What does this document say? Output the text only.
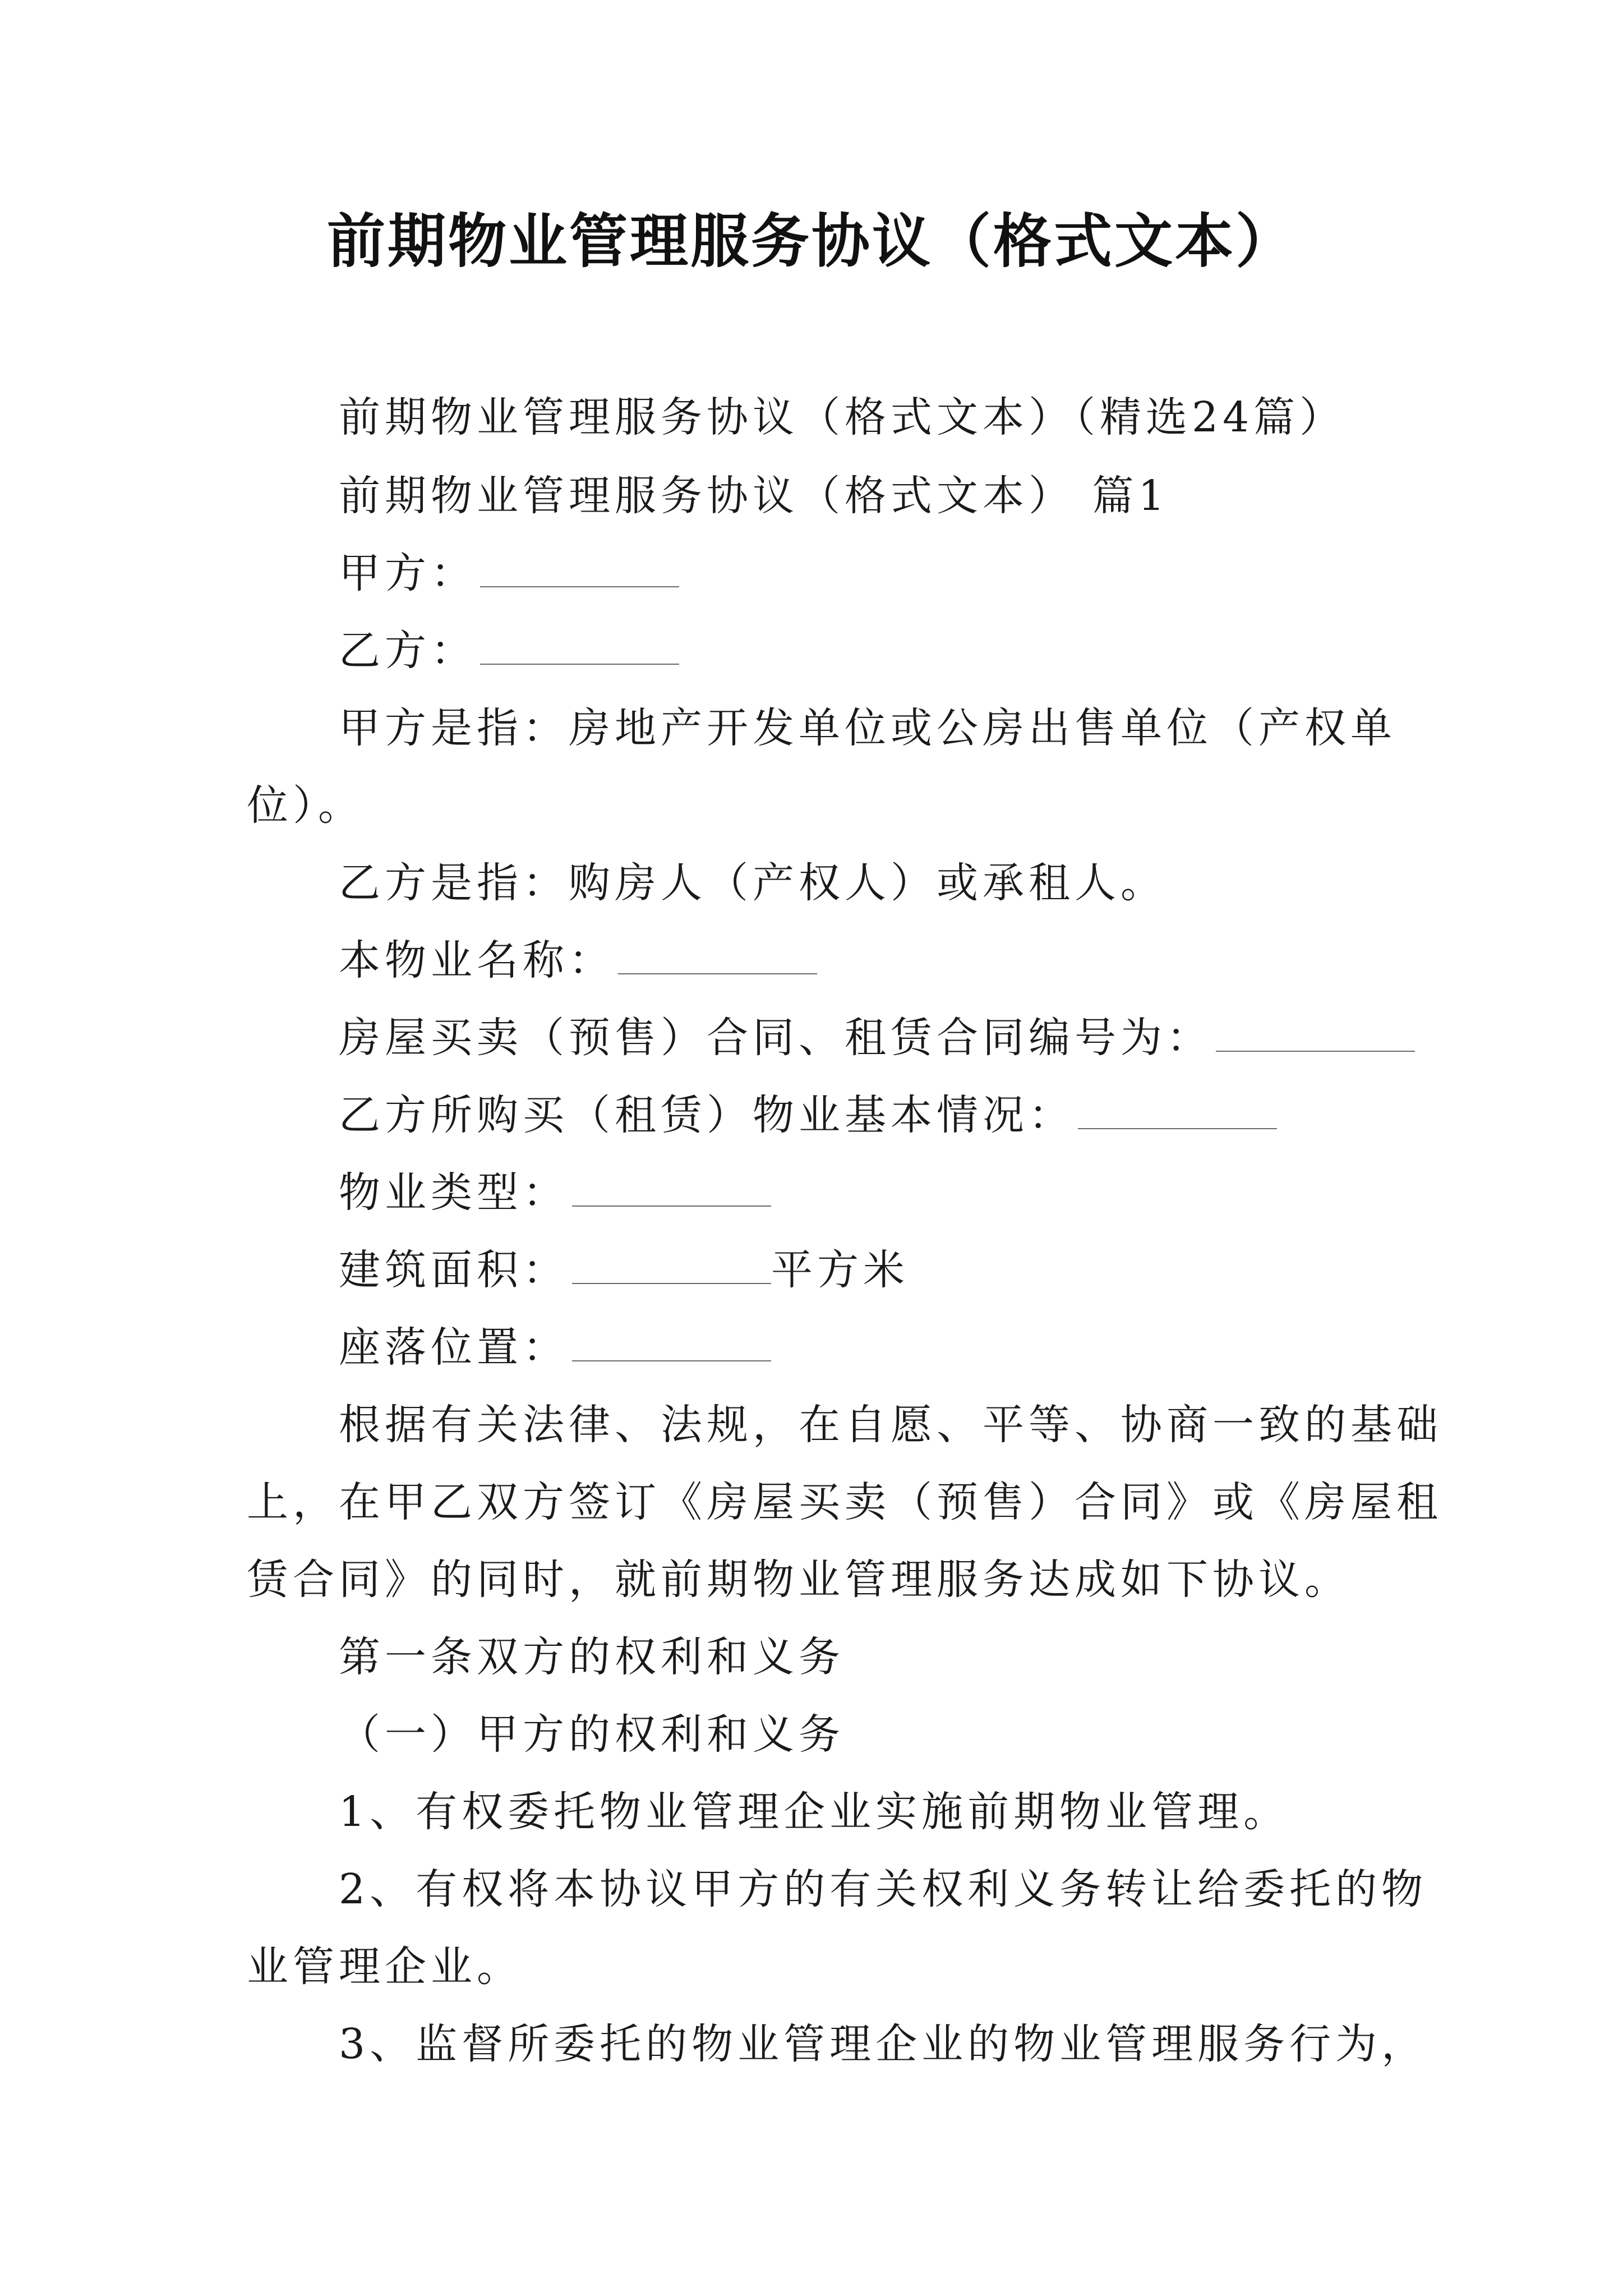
前期物业管理服务协议（格式文本）
前期物业管理服务协议（格式文本）（精选24篇）
前期物业管理服务协议（格式文本） 篇1
甲方：
乙方：
甲方是指：房地产开发单位或公房出售单位（产权单
位）。
乙方是指：购房人（产权人）或承租人。
本物业名称：
房屋买卖（预售）合同、租赁合同编号为：
乙方所购买（租赁）物业基本情况：
物业类型：
建筑面积：	平方米
座落位置：
根据有关法律、法规，在自愿、平等、协商一致的基础
上，在甲乙双方签订《房屋买卖（预售）合同》或《房屋租
赁合同》的同时，就前期物业管理服务达成如下协议。
第一条双方的权利和义务
（一）甲方的权利和义务
1、有权委托物业管理企业实施前期物业管理。
2、有权将本协议甲方的有关权利义务转让给委托的物
业管理企业。
3、监督所委托的物业管理企业的物业管理服务行为，
